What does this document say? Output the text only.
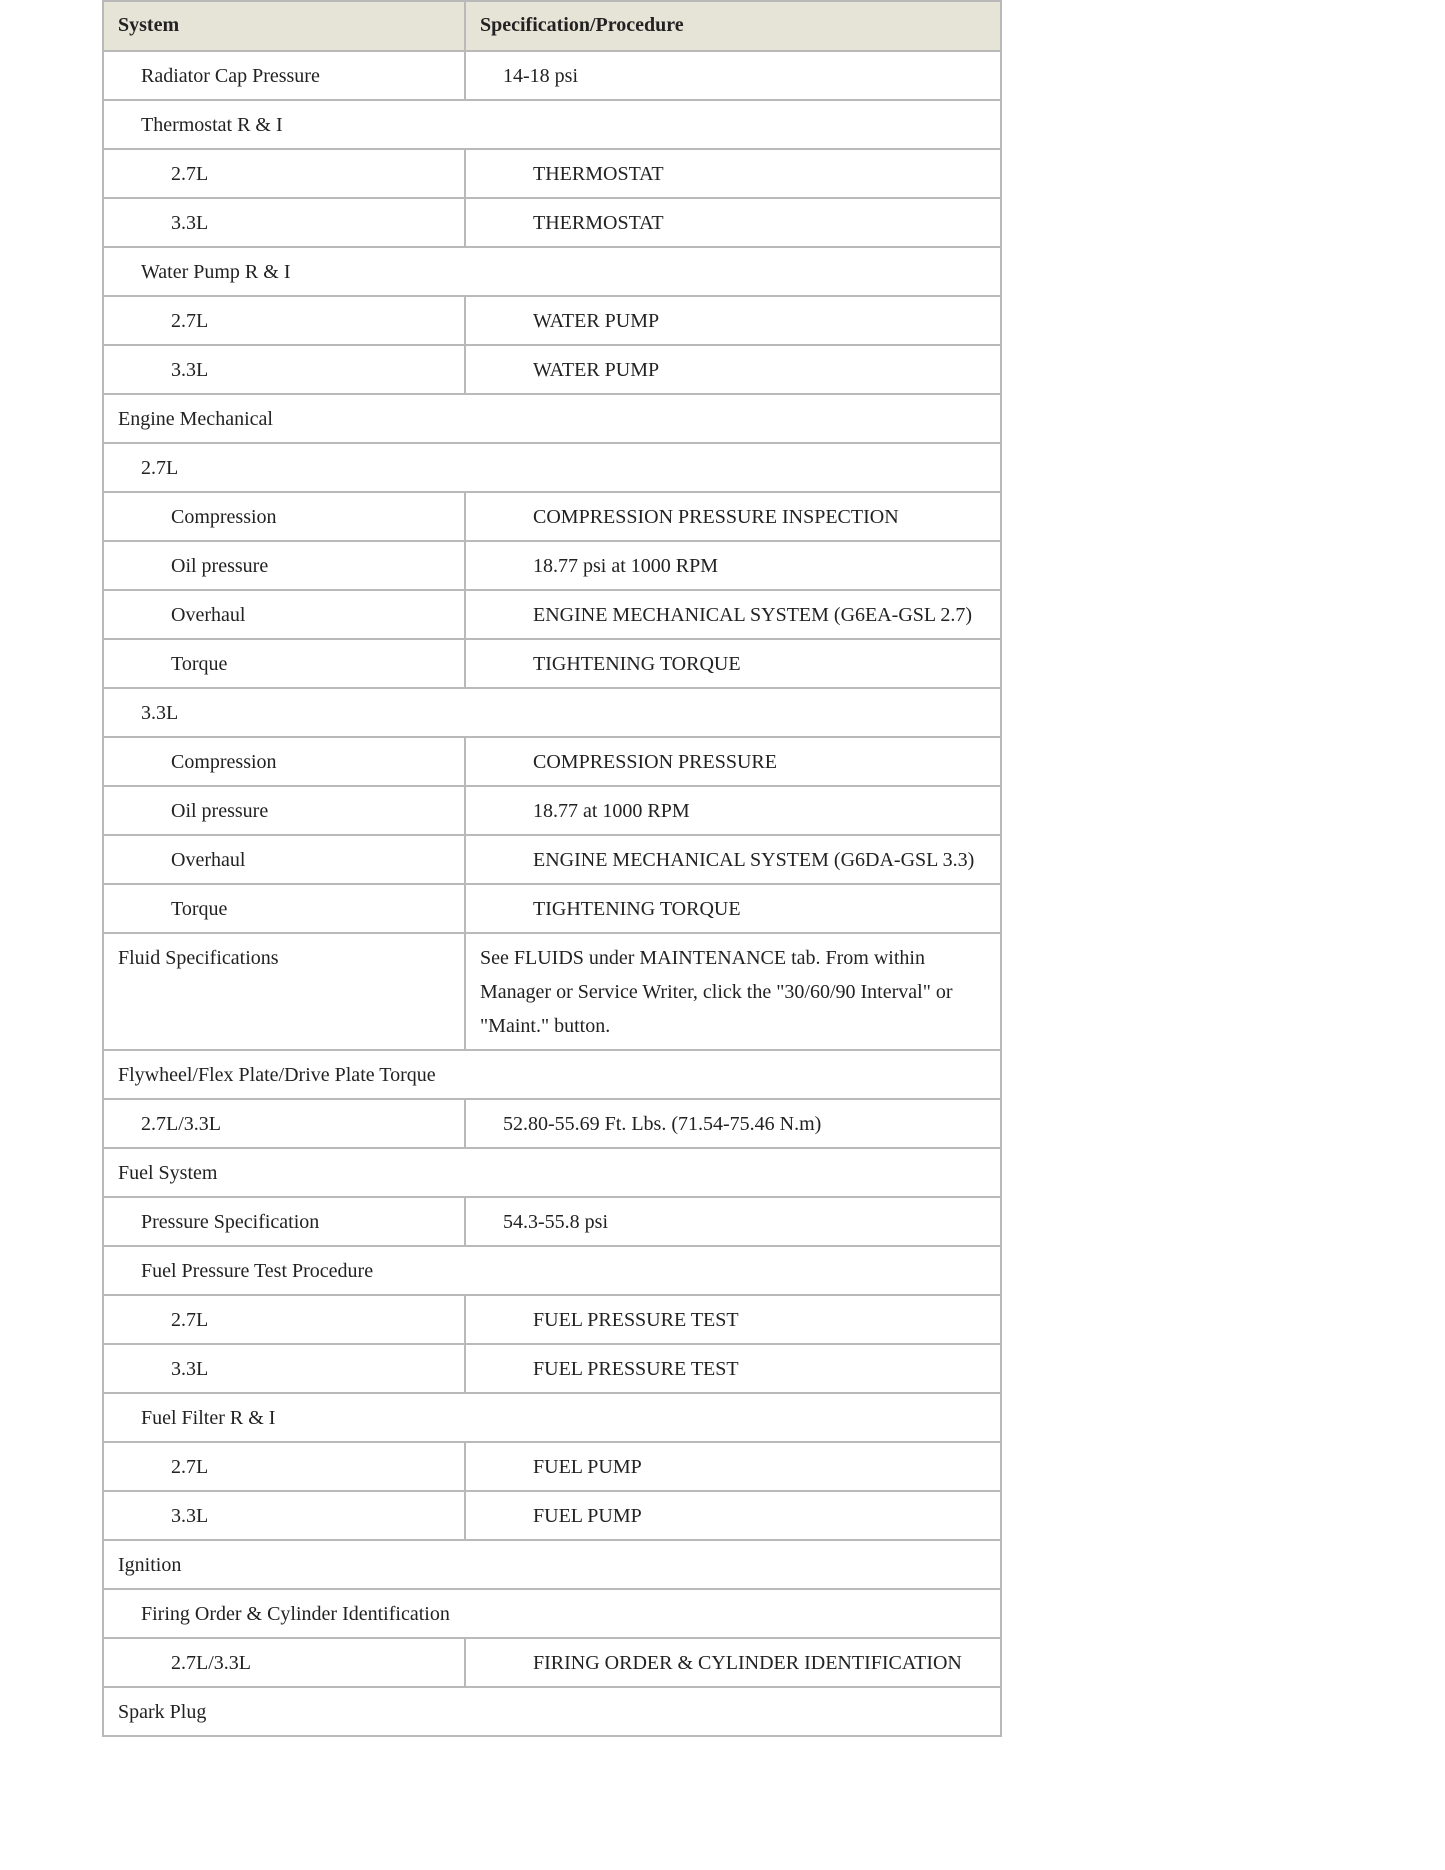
System	Specification/Procedure
Radiator Cap Pressure	14-18 psi
Thermostat R & I	
2.7L	THERMOSTAT
3.3L	THERMOSTAT
Water Pump R & I	
2.7L	WATER PUMP
3.3L	WATER PUMP
Engine Mechanical	
2.7L	
Compression	COMPRESSION PRESSURE INSPECTION
Oil pressure	18.77 psi at 1000 RPM
Overhaul	ENGINE MECHANICAL SYSTEM (G6EA-GSL 2.7)
Torque	TIGHTENING TORQUE
3.3L	
Compression	COMPRESSION PRESSURE
Oil pressure	18.77 at 1000 RPM
Overhaul	ENGINE MECHANICAL SYSTEM (G6DA-GSL 3.3)
Torque	TIGHTENING TORQUE
Fluid Specifications	See FLUIDS under MAINTENANCE tab. From within Manager or Service Writer, click the "30/60/90 Interval" or "Maint." button.
Flywheel/Flex Plate/Drive Plate Torque	
2.7L/3.3L	52.80-55.69 Ft. Lbs. (71.54-75.46 N.m)
Fuel System	
Pressure Specification	54.3-55.8 psi
Fuel Pressure Test Procedure	
2.7L	FUEL PRESSURE TEST
3.3L	FUEL PRESSURE TEST
Fuel Filter R & I	
2.7L	FUEL PUMP
3.3L	FUEL PUMP
Ignition	
Firing Order & Cylinder Identification	
2.7L/3.3L	FIRING ORDER & CYLINDER IDENTIFICATION
Spark Plug	
